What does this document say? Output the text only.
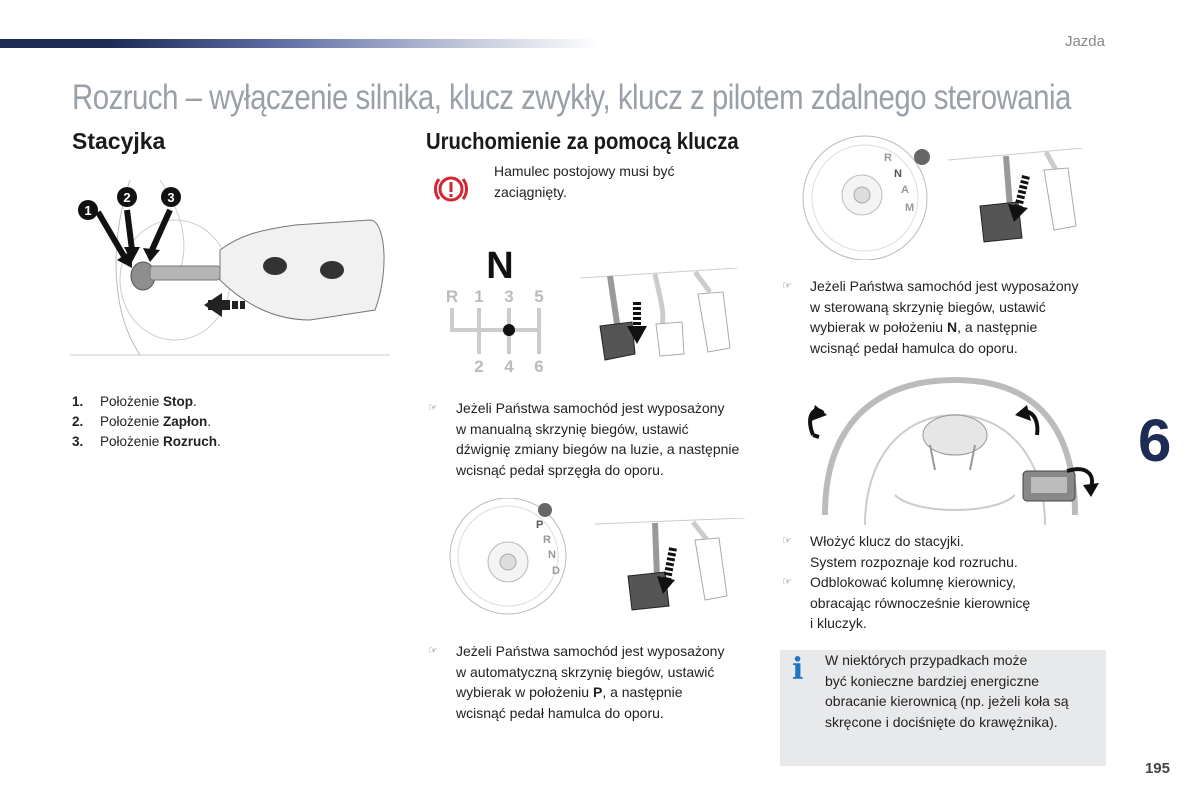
Jazda
Rozruch – wyłączenie silnika, klucz zwykły, klucz z pilotem zdalnego sterowania
Stacyjka
1
2	3
1. Położenie Stop.
2. Położenie Zapłon.
3. Położenie Rozruch.
Uruchomienie za pomocą klucza
Hamulec postojowy musi być zaciągnięty.
N
R 1 3 5
2 4 6
☞ Jeżeli Państwa samochód jest wyposażony
w manualną skrzynię biegów, ustawić
dźwignię zmiany biegów na luzie, a następnie
wcisnąć pedał sprzęgła do oporu.
P
R
N
D
☞ Jeżeli Państwa samochód jest wyposażony
w automatyczną skrzynię biegów, ustawić
wybierak w położeniu P, a następnie
wcisnąć pedał hamulca do oporu.
R
N
A
M
☞ Jeżeli Państwa samochód jest wyposażony
w sterowaną skrzynię biegów, ustawić
wybierak w położeniu N, a następnie
wcisnąć pedał hamulca do oporu.
☞ Włożyć klucz do stacyjki.
System rozpoznaje kod rozruchu.
☞ Odblokować kolumnę kierownicy,
obracając równocześnie kierownicę
i kluczyk.
i W niektórych przypadkach może
być konieczne bardziej energiczne
obracanie kierownicą (np. jeżeli koła są
skręcone i dociśnięte do krawężnika).
6
195
